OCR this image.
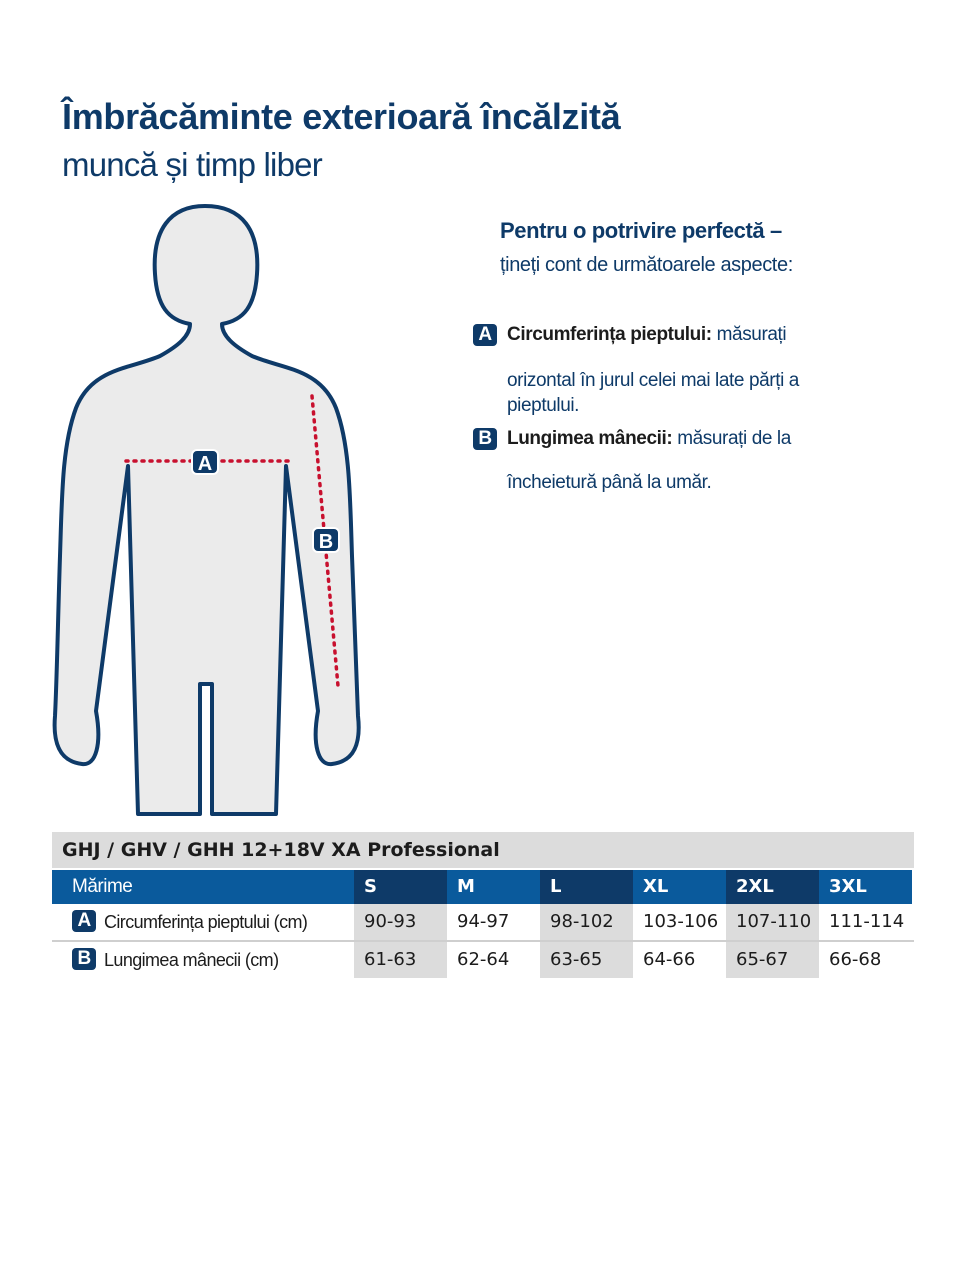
Îmbrăcăminte exterioară încălzită
muncă și timp liber
A
B
Pentru o potrivire perfectă –
țineți cont de următoarele aspecte:
A Circumferința pieptului: măsurați
orizontal în jurul celei mai late părți a pieptului.
B Lungimea mânecii: măsurați de la
încheietură până la umăr.
GHJ / GHV / GHH 12+18V XA Professional
Mărime	S	M	L	XL	2XL	3XL
A Circumferința pieptului (cm)	90-93	94-97	98-102	103-106 107-110 111-114
B Lungimea mânecii (cm)	61-63	62-64	63-65	64-66	65-67	66-68
